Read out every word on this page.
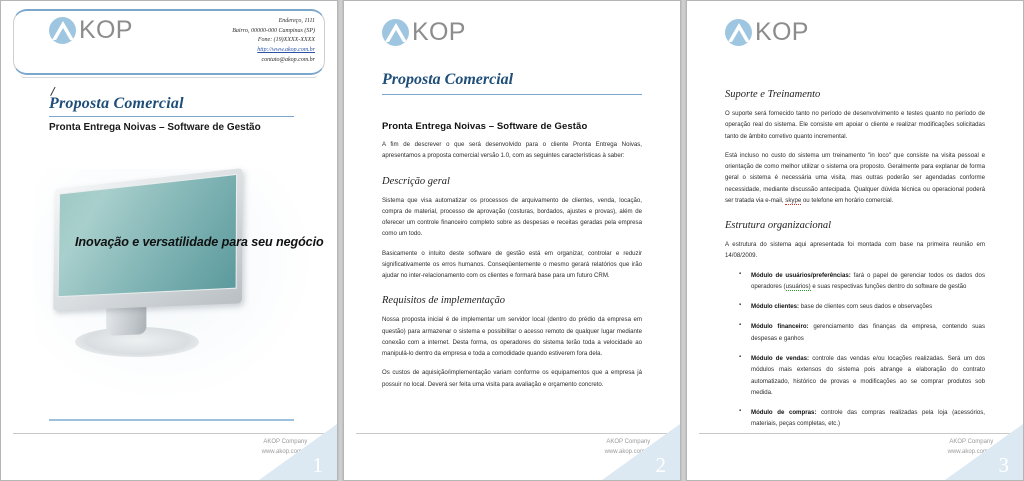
KOP	Endereço, 1111
Bairro, 00000-000 Campinas (SP)
Fone: (19)XXXX-XXXX
http://www.akop.com.br
contato@akop.com.br
/
Proposta Comercial
Pronta Entrega Noivas – Software de Gestão
Inovação e versatilidade para seu negócio
AKOP Company
www.akop.com.br
1
KOP
Proposta Comercial
Pronta Entrega Noivas – Software de Gestão

A fim de descrever o que será desenvolvido para o cliente Pronta Entrega Noivas, apresentamos a proposta comercial versão 1.0, com as seguintes características à saber:

Descrição geral

Sistema que visa automatizar os processos de arquivamento de clientes, venda, locação, compra de material, processo de aprovação (costuras, bordados, ajustes e provas), além de oferecer um controle financeiro completo sobre as despesas e receitas geradas pela empresa como um todo.

Basicamente o intuito deste software de gestão está em organizar, controlar e reduzir significativamente os erros humanos. Conseqüentemente o mesmo gerará relatórios que irão ajudar no inter-relacionamento com os clientes e formará base para um futuro CRM.

Requisitos de implementação

Nossa proposta inicial é de implementar um servidor local (dentro do prédio da empresa em questão) para armazenar o sistema e possibilitar o acesso remoto de qualquer lugar mediante conexão com a internet. Desta forma, os operadores do sistema terão toda a velocidade ao manipulá-lo dentro da empresa e toda a comodidade quando estiverem fora dela.

Os custos de aquisição/implementação variam conforme os equipamentos que a empresa já possuir no local. Deverá ser feita uma visita para avaliação e orçamento concreto.

AKOP Company
www.akop.com.br
2
KOP
Suporte e Treinamento

O suporte será fornecido tanto no período de desenvolvimento e testes quanto no período de operação real do sistema. Ele consiste em apoiar o cliente e realizar modificações solicitadas tanto de âmbito corretivo quanto incremental.

Está incluso no custo do sistema um treinamento "in loco" que consiste na visita pessoal e orientação de como melhor utilizar o sistema ora proposto. Geralmente para explanar de forma geral o sistema é necessária uma visita, mas outras poderão ser agendadas conforme necessidade, mediante discussão antecipada. Qualquer dúvida técnica ou operacional poderá ser tratada via e-mail, skype ou telefone em horário comercial.

Estrutura organizacional

A estrutura do sistema aqui apresentada foi montada com base na primeira reunião em 14/08/2009.

▪ Módulo de usuários/preferências: fará o papel de gerenciar todos os dados dos operadores (usuários) e suas respectivas funções dentro do software de gestão
▪ Módulo clientes: base de clientes com seus dados e observações
▪ Módulo financeiro: gerenciamento das finanças da empresa, contendo suas despesas e ganhos
▪ Módulo de vendas: controle das vendas e/ou locações realizadas. Será um dos módulos mais extensos do sistema pois abrange a elaboração do contrato automatizado, histórico de provas e modificações ao se comprar produtos sob medida.
▪ Módulo de compras: controle das compras realizadas pela loja (acessórios, materiais, peças completas, etc.)
AKOP Company
www.akop.com.br
3
